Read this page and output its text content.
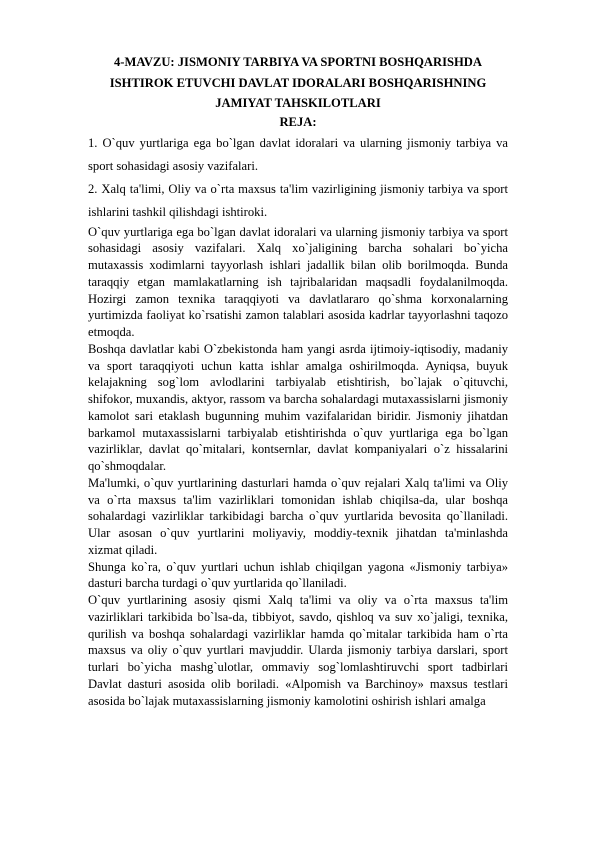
4-MAVZU: JISMONIY TARBIYA VA SPORTNI BOSHQARISHDA
ISHTIROK ETUVCHI DAVLAT IDORALARI BOSHQARISHNING
JAMIYAT TAHSKILOTLARI
REJA:

1. O`quv yurtlariga ega bo`lgan davlat idoralari va ularning jismoniy tarbiya va sport sohasidagi asosiy vazifalari.

2. Xalq ta'limi, Oliy va o`rta maxsus ta'lim vazirligining jismoniy tarbiya va sport ishlarini tashkil qilishdagi ishtiroki.

O`quv yurtlariga ega bo`lgan davlat idoralari va ularning jismoniy tarbiya va sport sohasidagi asosiy vazifalari. Xalq xo`jaligining barcha sohalari bo`yicha mutaxassis xodimlarni tayyorlash ishlari jadallik bilan olib borilmoqda. Bunda taraqqiy etgan mamlakatlarning ish tajribalaridan maqsadli foydalanilmoqda. Hozirgi zamon texnika taraqqiyoti va davlatlararo qo`shma korxonalarning yurtimizda faoliyat ko`rsatishi zamon talablari asosida kadrlar tayyorlashni taqozo etmoqda.

Boshqa davlatlar kabi O`zbekistonda ham yangi asrda ijtimoiy-iqtisodiy, madaniy va sport taraqqiyoti uchun katta ishlar amalga oshirilmoqda. Ayniqsa, buyuk kelajakning sog`lom avlodlarini tarbiyalab etishtirish, bo`lajak o`qituvchi, shifokor, muxandis, aktyor, rassom va barcha sohalardagi mutaxassislarni jismoniy kamolot sari etaklash bugunning muhim vazifalaridan biridir. Jismoniy jihatdan barkamol mutaxassislarni tarbiyalab etishtirishda o`quv yurtlariga ega bo`lgan vazirliklar, davlat qo`mitalari, kontsernlar, davlat kompaniyalari o`z hissalarini qo`shmoqdalar.

Ma'lumki, o`quv yurtlarining dasturlari hamda o`quv rejalari Xalq ta'limi va Oliy va o`rta maxsus ta'lim vazirliklari tomonidan ishlab chiqilsa-da, ular boshqa sohalardagi vazirliklar tarkibidagi barcha o`quv yurtlarida bevosita qo`llaniladi. Ular asosan o`quv yurtlarini moliyaviy, moddiy-texnik jihatdan ta'minlashda xizmat qiladi.

Shunga ko`ra, o`quv yurtlari uchun ishlab chiqilgan yagona «Jismoniy tarbiya» dasturi barcha turdagi o`quv yurtlarida qo`llaniladi.

O`quv yurtlarining asosiy qismi Xalq ta'limi va oliy va o`rta maxsus ta'lim vazirliklari tarkibida bo`lsa-da, tibbiyot, savdo, qishloq va suv xo`jaligi, texnika, qurilish va boshqa sohalardagi vazirliklar hamda qo`mitalar tarkibida ham o`rta maxsus va oliy o`quv yurtlari mavjuddir. Ularda jismoniy tarbiya darslari, sport turlari bo`yicha mashg`ulotlar, ommaviy sog`lomlashtiruvchi sport tadbirlari Davlat dasturi asosida olib boriladi. «Alpomish va Barchinoy» maxsus testlari asosida bo`lajak mutaxassislarning jismoniy kamolotini oshirish ishlari amalga
